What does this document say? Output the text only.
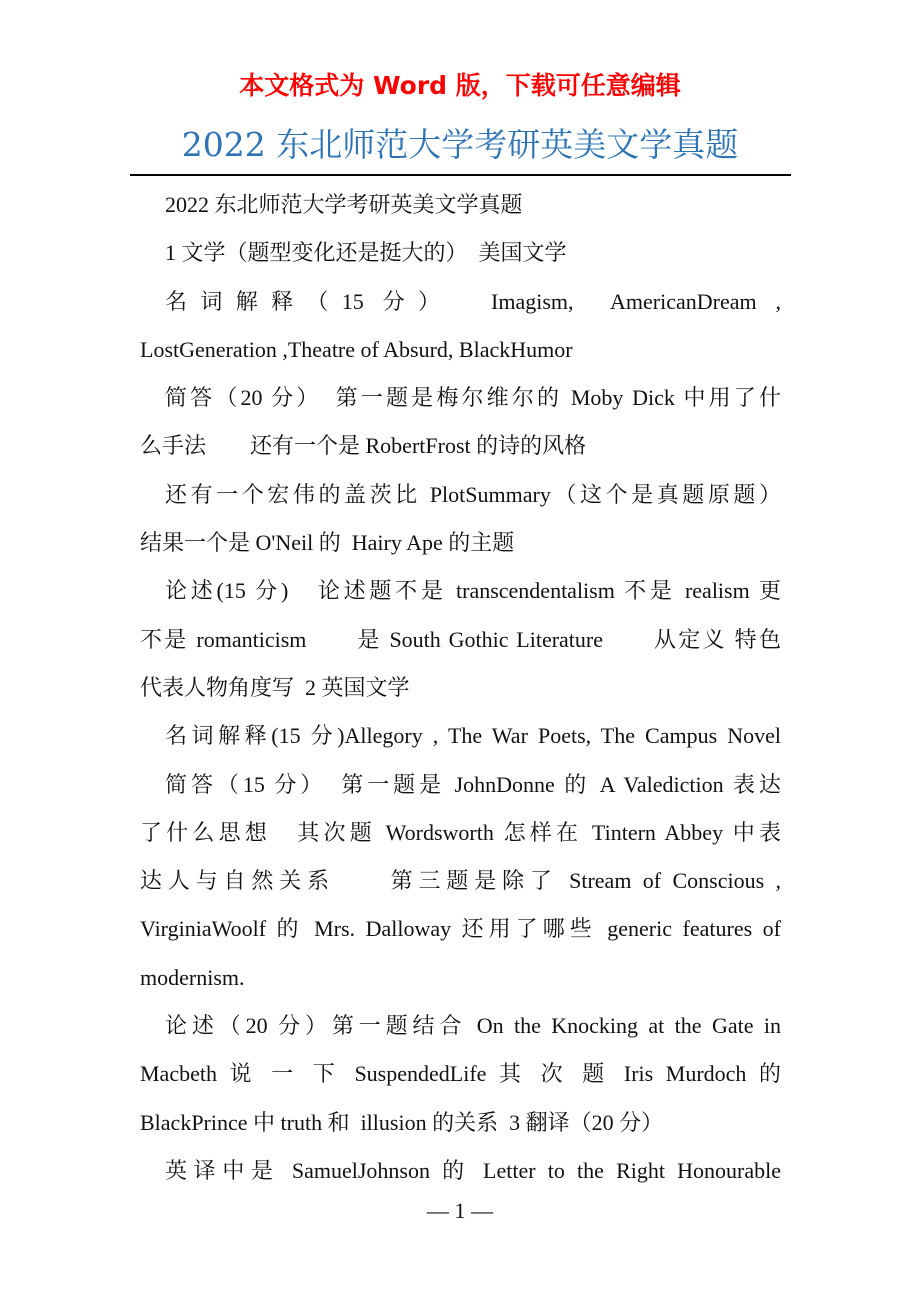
本文格式为 Word 版，下载可任意编辑
2022 东北师范大学考研英美文学真题
2022 东北师范大学考研英美文学真题
1 文学（题型变化还是挺大的）　美国文学
名词解释（15 分）  Imagism,  AmericanDream ,
LostGeneration ,Theatre of Absurd, BlackHumor
简答（20 分）　第一题是梅尔维尔的 Moby Dick 中用了什
么手法　　还有一个是 RobertFrost 的诗的风格
还有一个宏伟的盖茨比 PlotSummary（这个是真题原题）
结果一个是 O'Neil 的  Hairy Ape 的主题
论述(15 分)　论述题不是 transcendentalism 不是 realism 更
不是 romanticism　　是 South Gothic Literature　　从定义 特色
代表人物角度写  2 英国文学
名词解释(15 分)Allegory , The War Poets, The Campus Novel
简答（15 分）　第一题是 JohnDonne 的 A Valediction 表达
了什么思想　其次题 Wordsworth 怎样在 Tintern Abbey 中表
达人与自然关系　　第三题是除了 Stream of Conscious ,
VirginiaWoolf 的 Mrs. Dalloway 还用了哪些 generic features of
modernism.
论述（20 分）第一题结合 On the Knocking at the Gate in
Macbeth 说 一 下 SuspendedLife 其 次 题 Iris Murdoch 的
BlackPrince 中 truth 和  illusion 的关系  3 翻译（20 分）
英译中是 SamuelJohnson 的 Letter to the Right Honourable
— 1 —
